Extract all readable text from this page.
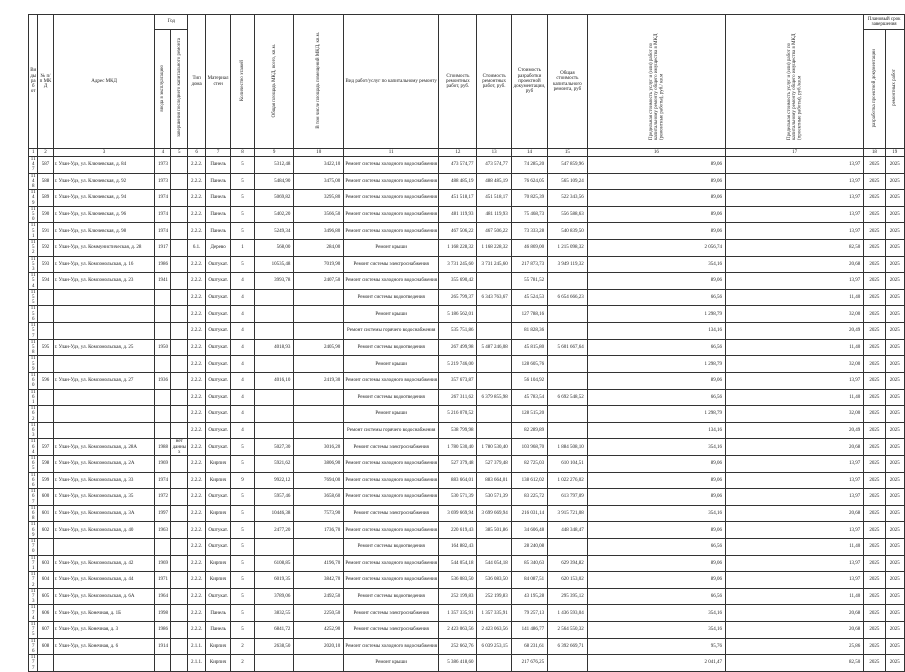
Ви ды раб от	№ п/п МК Д	Адрес МКД	Год		Тип дома	Материал стен	Количество этажей	Общая площадь МКД, всего, кв.м.	В том числе площадь помещений МКД, кв.м.	Вид работ/услуг по капитальному ремонту	Стоимость ремонтных работ, руб.	Стоимость ремонтных работ, руб.	Стоимость разработки проектной документации, руб	Общая стоимость капитального ремонта, руб	Предельная стоимость услуг и (или) работ по капитальному ремонту общего имущества в МКД (ремонтные работы), руб./ кв.м	Предельная стоимость услуг и (или) работ по капитальному ремонту общего имущества в МКД (проектные работы), руб./кв.м	Плановый срок завершения	
			ввода в эксплуатацию	завершения последнего капитального ремонта													разработка проектной документации	ремонтных работ
1	2	3	4	5	6	7	8	9	10	11	12	13	14	15	16	17	18	19
114
7	587	г. Улан-Удэ, ул. Ключевская, д. 84	1973		2.2.2.	Панель	5	5312,48	3422,10	Ремонт системы холодного водоснабжения	473 574,77	473 574,77	74 285,20	547 859,96	89,06	13,97	2025	2025
114
8	588	г. Улан-Удэ, ул. Ключевская, д. 92	1973		2.2.2.	Панель	5	5484,90	3475,00	Ремонт системы холодного водоснабжения	488 485,19	488 485,19	76 624,05	565 109,24	89,06	13,97	2025	2025
114
9	589	г. Улан-Удэ, ул. Ключевская, д. 94	1974		2.2.2.	Панель	5	5069,82	3295,80	Ремонт системы холодного водоснабжения	451 518,17	451 518,17	70 825,39	522 343,56	89,06	13,97	2025	2025
115
0	590	г. Улан-Удэ, ул. Ключевская, д. 96	1974		2.2.2.	Панель	5	5402,20	3566,50	Ремонт системы холодного водоснабжения	481 119,93	481 119,93	75 468,73	556 588,63	89,06	13,97	2025	2025
115
1	591	г. Улан-Удэ, ул. Ключевская, д. 98	1974		2.2.2.	Панель	5	5249,34	3496,80	Ремонт системы холодного водоснабжения	467 506,22	467 506,22	73 333,28	540 839,50	89,06	13,97	2025	2025
115
2	592	г. Улан-Удэ, ул. Коммунистическая, д. 28	1917		6.1.	Дерево	1	568,00	284,00	Ремонт крыши	1 168 228,32	1 168 228,32	46 869,00	1 215 098,32	2 056,74	82,50	2025	2025
115
3	593	г. Улан-Удэ, ул. Комсомольская, д. 16	1986		2.2.2.	Оштукат.	5	10535,48	7019,90	Ремонт системы электроснабжения	3 731 245,60	3 731 245,60	217 873,73	3 949 119,32	354,16	20,68	2025	2025
115
4	594	г. Улан-Удэ, ул. Комсомольская, д. 23	1941		2.2.2.	Оштукат.	4	3993,78	2407,50	Ремонт системы холодного водоснабжения	355 690,42		55 781,52		89,06	13,97	2025	2025
115
5					2.2.2.	Оштукат.	4			Ремонт системы водоотведения	265 799,37	6 343 763,67	45 524,53	6 654 666,23	66,56	11,40	2025	2025
115
6					2.2.2.	Оштукат.	4			Ремонт крыши	5 186 562,01		127 788,16		1 298,79	32,00	2025	2025
115
7					2.2.2.	Оштукат.	4			Ремонт системы горячего водоснабжения	535 751,86		81 828,36		134,16	20,49	2025	2025
115
8	595	г. Улан-Удэ, ул. Комсомольская, д. 25	1950		2.2.2.	Оштукат.	4	4018,93	2405,90	Ремонт системы водоотведения	267 499,98	5 487 246,08	45 815,80	5 601 667,64	66,56	11,40	2025	2025
115
9					2.2.2.	Оштукат.	4			Ремонт крыши	5 219 746,00		128 605,76		1 298,79	32,00	2025	2025
116
0	596	г. Улан-Удэ, ул. Комсомольская, д. 27	1936		2.2.2.	Оштукат.	4	4016,10	2419,30	Ремонт системы холодного водоснабжения	357 673,87		56 104,92		89,06	13,97	2025	2025
116
1					2.2.2.	Оштукат.	4			Ремонт системы водоотведения	267 311,62	6 379 855,98	45 783,54	6 692 548,52	66,56	11,40	2025	2025
116
2					2.2.2.	Оштукат.	4			Ремонт крыши	5 216 070,52		128 515,20		1 298,79	32,00	2025	2025
116
3					2.2.2.	Оштукат.	4			Ремонт системы горячего водоснабжения	538 799,98		82 289,89		134,16	20,49	2025	2025
116
4	597	г. Улан-Удэ, ул. Комсомольская, д. 28А	1988	нет данных	2.2.2.	Оштукат.	5	5027,30	3016,20	Ремонт системы электроснабжения	1 780 530,40	1 780 530,40	103 968,70	1 884 508,10	354,16	20,68	2025	2025
116
5	598	г. Улан-Удэ, ул. Комсомольская, д. 2А	1969		2.2.2.	Кирпич	5	5921,62	3806,90	Ремонт системы холодного водоснабжения	527 379,48	527 379,48	82 725,03	610 104,51	89,06	13,97	2025	2025
116
6	599	г. Улан-Удэ, ул. Комсомольская, д. 33	1974		2.2.2.	Кирпич	9	9922,12	7694,00	Ремонт системы холодного водоснабжения	883 664,01	883 664,01	138 612,02	1 022 276,02	89,06	13,97	2025	2025
116
7	600	г. Улан-Удэ, ул. Комсомольская, д. 35	1972		2.2.2.	Оштукат.	5	5957,46	3658,60	Ремонт системы холодного водоснабжения	530 571,39	530 571,39	83 225,72	613 797,09	89,06	13,97	2025	2025
116
8	601	г. Улан-Удэ, ул. Комсомольская, д. 3А	1997		2.2.2.	Кирпич	5	10446,38	7573,90	Ремонт системы электроснабжения	3 699 669,94	3 699 669,94	216 031,14	3 915 721,08	354,16	20,68	2025	2025
116
9	602	г. Улан-Удэ, ул. Комсомольская, д. 40	1963		2.2.2.	Оштукат.	5	2477,20	1736,70	Ремонт системы холодного водоснабжения	220 619,43	385 501,86	34 606,48	448 348,47	89,06	13,97	2025	2025
117
0					2.2.2.	Оштукат.	5			Ремонт системы водоотведения	164 882,43		28 240,08		66,56	11,40	2025	2025
117
1	603	г. Улан-Удэ, ул. Комсомольская, д. 42	1969		2.2.2.	Кирпич	5	6108,85	4196,70	Ремонт системы холодного водоснабжения	544 054,18	544 054,18	85 340,63	629 394,82	89,06	13,97	2025	2025
117
2	604	г. Улан-Удэ, ул. Комсомольская, д. 44	1971		2.2.2.	Кирпич	5	6019,35	3842,70	Ремонт системы холодного водоснабжения	536 083,50	536 083,50	84 087,51	620 153,02	89,06	13,97	2025	2025
117
3	605	г. Улан-Удэ, ул. Комсомольская, д. 6А	1964		2.2.2.	Оштукат.	5	3789,06	2492,50	Ремонт системы водоотведения	252 199,83	252 199,83	43 195,28	295 395,12	66,56	11,40	2025	2025
117
4	606	г. Улан-Удэ, ул. Конечная, д. 1Б	1998		2.2.2.	Панель	5	3832,55	2250,50	Ремонт системы электроснабжения	1 357 335,91	1 357 335,91	79 257,13	1 436 593,04	354,16	20,68	2025	2025
117
5	607	г. Улан-Удэ, ул. Конечная, д. 3	1986		2.2.2.	Панель	5	6841,72	4252,90	Ремонт системы электроснабжения	2 423 063,56	2 423 063,56	141 486,77	2 564 550,32	354,16	20,68	2025	2025
117
6	608	г. Улан-Удэ, ул. Конечная, д. 6	1914		2.1.1.	Кирпич	2	2638,50	2020,10	Ремонт системы холодного водоснабжения	252 662,76	6 039 253,15	68 231,61	6 392 669,71	95,76	25,86	2025	2025
117
7					2.1.1.	Кирпич	2			Ремонт крыши	5 386 418,60		217 676,25		2 041,47	82,50	2025	2025
